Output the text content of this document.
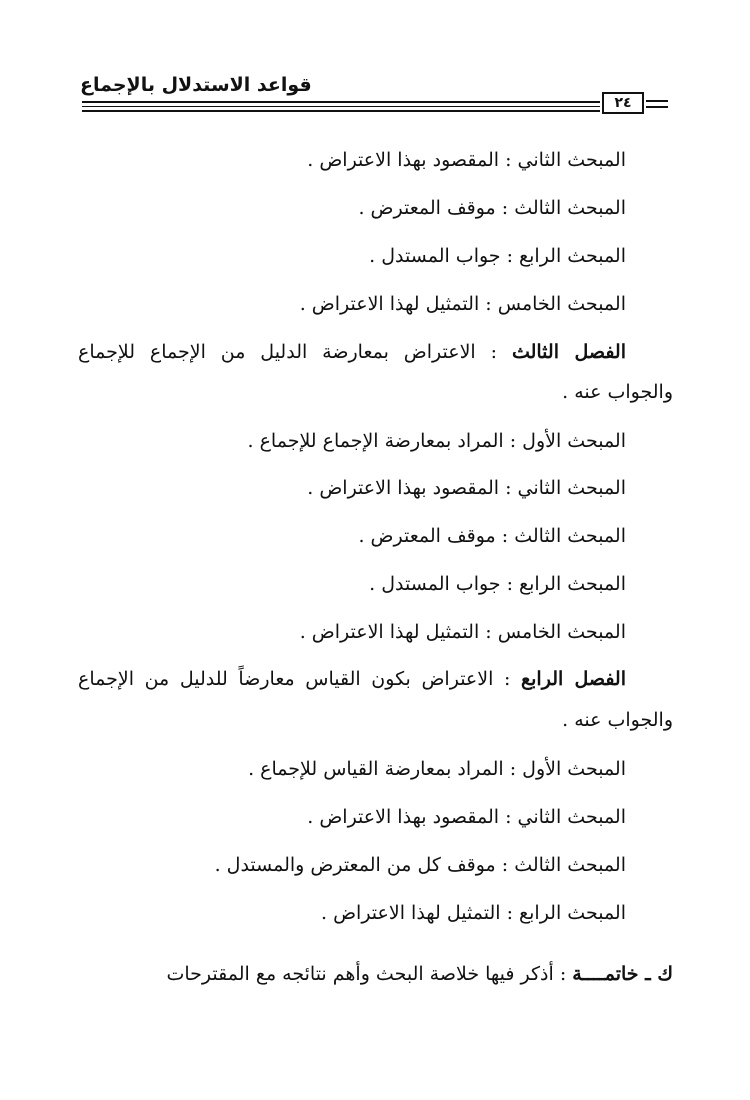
قواعد الاستدلال بالإجماع
٢٤
المبحث الثاني : المقصود بهذا الاعتراض .
المبحث الثالث : موقف المعترض .
المبحث الرابع : جواب المستدل .
المبحث الخامس : التمثيل لهذا الاعتراض .
الفصل الثالث : الاعتراض بمعارضة الدليل من الإجماع للإجماع
والجواب عنه .
المبحث الأول : المراد بمعارضة الإجماع للإجماع .
المبحث الثاني : المقصود بهذا الاعتراض .
المبحث الثالث : موقف المعترض .
المبحث الرابع : جواب المستدل .
المبحث الخامس : التمثيل لهذا الاعتراض .
الفصل الرابع : الاعتراض بكون القياس معارضاً للدليل من الإجماع
والجواب عنه .
المبحث الأول : المراد بمعارضة القياس للإجماع .
المبحث الثاني : المقصود بهذا الاعتراض .
المبحث الثالث : موقف كل من المعترض والمستدل .
المبحث الرابع : التمثيل لهذا الاعتراض .
ك ـ خاتمــــة : أذكر فيها خلاصة البحث وأهم نتائجه مع المقترحات
